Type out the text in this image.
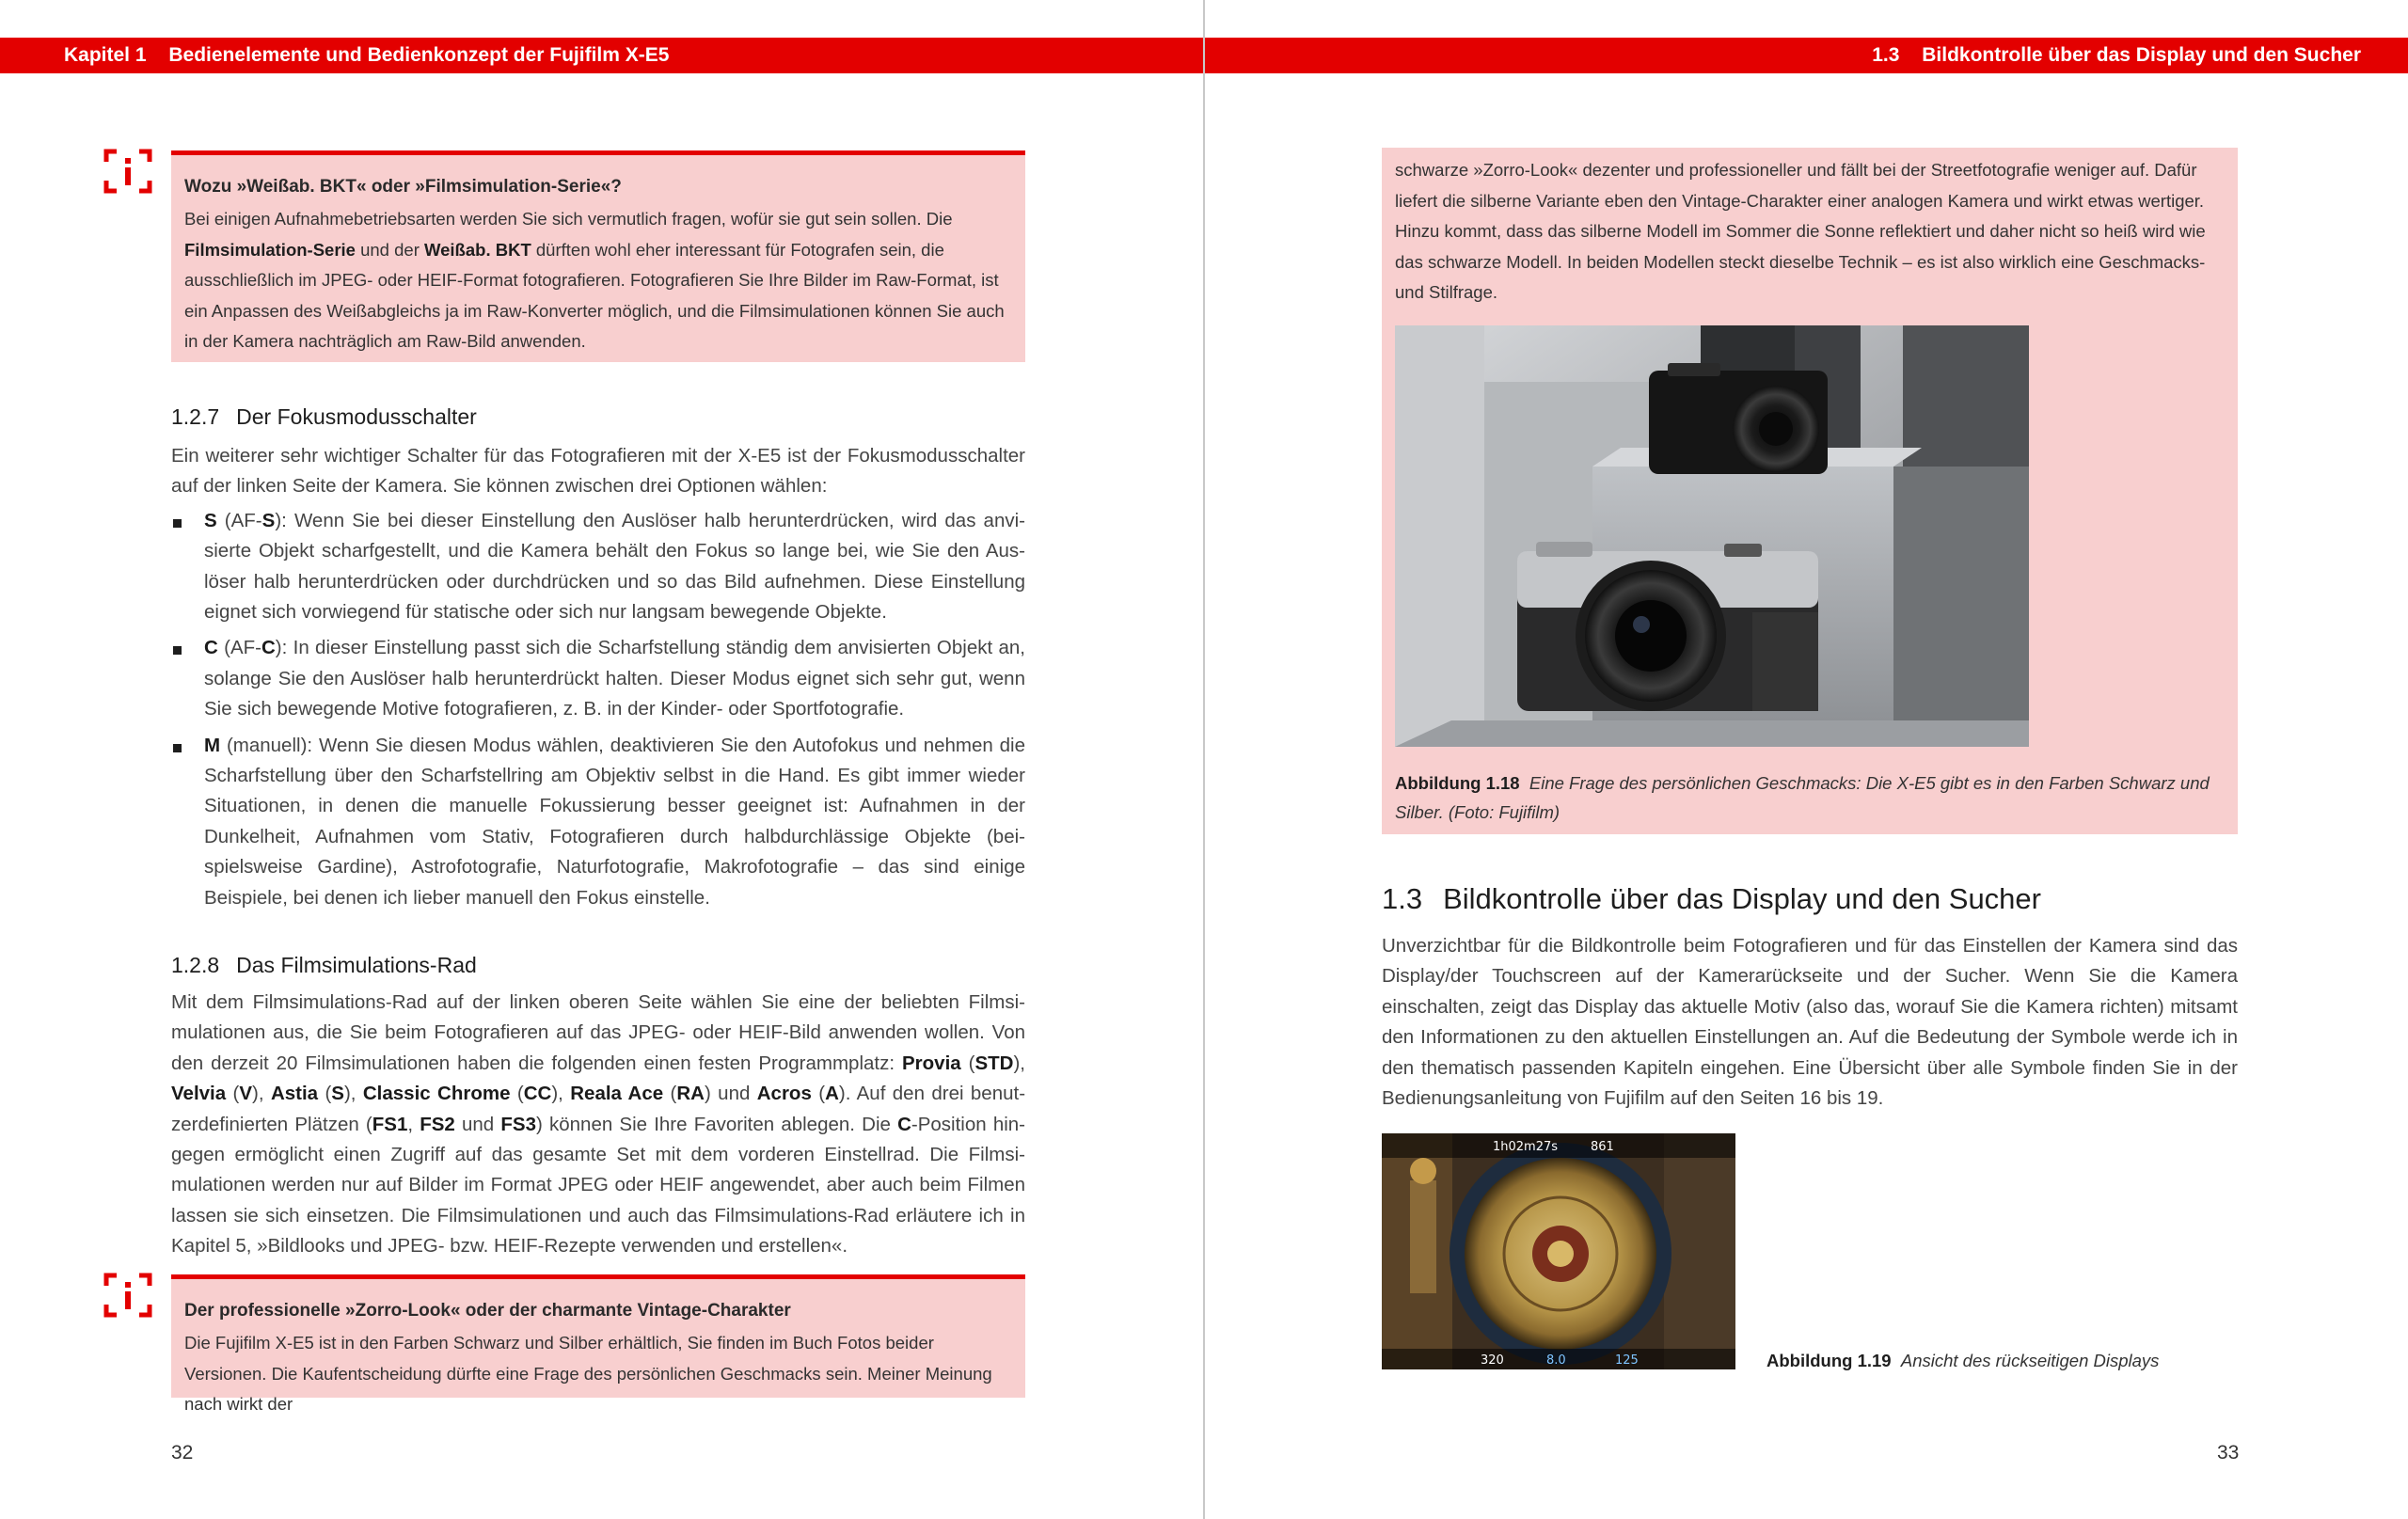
Kapitel 1 Bedienelemente und Bedienkonzept der Fujifilm X-E5
Wozu »Weißab. BKT« oder »Filmsimulation-Serie«?

Bei einigen Aufnahmebetriebsarten werden Sie sich vermutlich fragen, wofür sie gut sein sollen. Die Filmsimulation-Serie und der Weißab. BKT dürften wohl eher interessant für Fotografen sein, die ausschließlich im JPEG- oder HEIF-Format fotografieren. Fotografieren Sie Ihre Bilder im Raw-Format, ist ein Anpassen des Weißabgleichs ja im Raw-Konverter möglich, und die Filmsimulationen können Sie auch in der Kamera nachträglich am Raw-Bild anwenden.

1.2.7 Der Fokusmodusschalter

Ein weiterer sehr wichtiger Schalter für das Fotografieren mit der X-E5 ist der Fokusmodusschalter auf der linken Seite der Kamera. Sie können zwischen drei Optionen wählen:

S (AF-S): Wenn Sie bei dieser Einstellung den Auslöser halb herunterdrücken, wird das anvisierte Objekt scharfgestellt, und die Kamera behält den Fokus so lange bei, wie Sie den Auslöser halb herunterdrücken oder durchdrücken und so das Bild aufnehmen. Diese Einstellung eignet sich vorwiegend für statische oder sich nur langsam bewegende Objekte.
C (AF-C): In dieser Einstellung passt sich die Scharfstellung ständig dem anvisierten Objekt an, solange Sie den Auslöser halb herunterdrückt halten. Dieser Modus eignet sich sehr gut, wenn Sie sich bewegende Motive fotografieren, z. B. in der Kinder- oder Sportfotografie.
M (manuell): Wenn Sie diesen Modus wählen, deaktivieren Sie den Autofokus und nehmen die Scharfstellung über den Scharfstellring am Objektiv selbst in die Hand. Es gibt immer wieder Situationen, in denen die manuelle Fokussierung besser geeignet ist: Aufnahmen in der Dunkelheit, Aufnahmen vom Stativ, Fotografieren durch halbdurchlässige Objekte (beispielsweise Gardine), Astrofotografie, Naturfotografie, Makrofotografie – das sind einige Beispiele, bei denen ich lieber manuell den Fokus einstelle.
1.2.8 Das Filmsimulations-Rad

Mit dem Filmsimulations-Rad auf der linken oberen Seite wählen Sie eine der beliebten Filmsimulationen aus, die Sie beim Fotografieren auf das JPEG- oder HEIF-Bild anwenden wollen. Von den derzeit 20 Filmsimulationen haben die folgenden einen festen Programmplatz: Provia (STD), Velvia (V), Astia (S), Classic Chrome (CC), Reala Ace (RA) und Acros (A). Auf den drei benutzerdefinierten Plätzen (FS1, FS2 und FS3) können Sie Ihre Favoriten ablegen. Die C-Position hingegen ermöglicht einen Zugriff auf das gesamte Set mit dem vorderen Einstellrad. Die Filmsimulationen werden nur auf Bilder im Format JPEG oder HEIF angewendet, aber auch beim Filmen lassen sie sich einsetzen. Die Filmsimulationen und auch das Filmsimulations-Rad erläutere ich in Kapitel 5, »Bildlooks und JPEG- bzw. HEIF-Rezepte verwenden und erstellen«.

Der professionelle »Zorro-Look« oder der charmante Vintage-Charakter

Die Fujifilm X-E5 ist in den Farben Schwarz und Silber erhältlich, Sie finden im Buch Fotos beider Versionen. Die Kaufentscheidung dürfte eine Frage des persönlichen Geschmacks sein. Meiner Meinung nach wirkt der

32
1.3 Bildkontrolle über das Display und den Sucher
schwarze »Zorro-Look« dezenter und professioneller und fällt bei der Streetfotografie weniger auf. Dafür liefert die silberne Variante eben den Vintage-Charakter einer analogen Kamera und wirkt etwas wertiger. Hinzu kommt, dass das silberne Modell im Sommer die Sonne reflektiert und daher nicht so heiß wird wie das schwarze Modell. In beiden Modellen steckt dieselbe Technik – es ist also wirklich eine Geschmacks- und Stilfrage.
Abbildung 1.18 Eine Frage des persönlichen Geschmacks: Die X-E5 gibt es in den Farben Schwarz und Silber. (Foto: Fujifilm)
1.3 Bildkontrolle über das Display und den Sucher

Unverzichtbar für die Bildkontrolle beim Fotografieren und für das Einstellen der Kamera sind das Display/der Touchscreen auf der Kamerarückseite und der Sucher. Wenn Sie die Kamera einschalten, zeigt das Display das aktuelle Motiv (also das, worauf Sie die Kamera richten) mitsamt den Informationen zu den aktuellen Einstellungen an. Auf die Bedeutung der Symbole werde ich in den thematisch passenden Kapiteln eingehen. Eine Übersicht über alle Symbole finden Sie in der Bedienungsanleitung von Fujifilm auf den Seiten 16 bis 19.

1h02m27s	861
320	8.0	125	Abbildung 1.19 Ansicht des rückseitigen Displays
33
